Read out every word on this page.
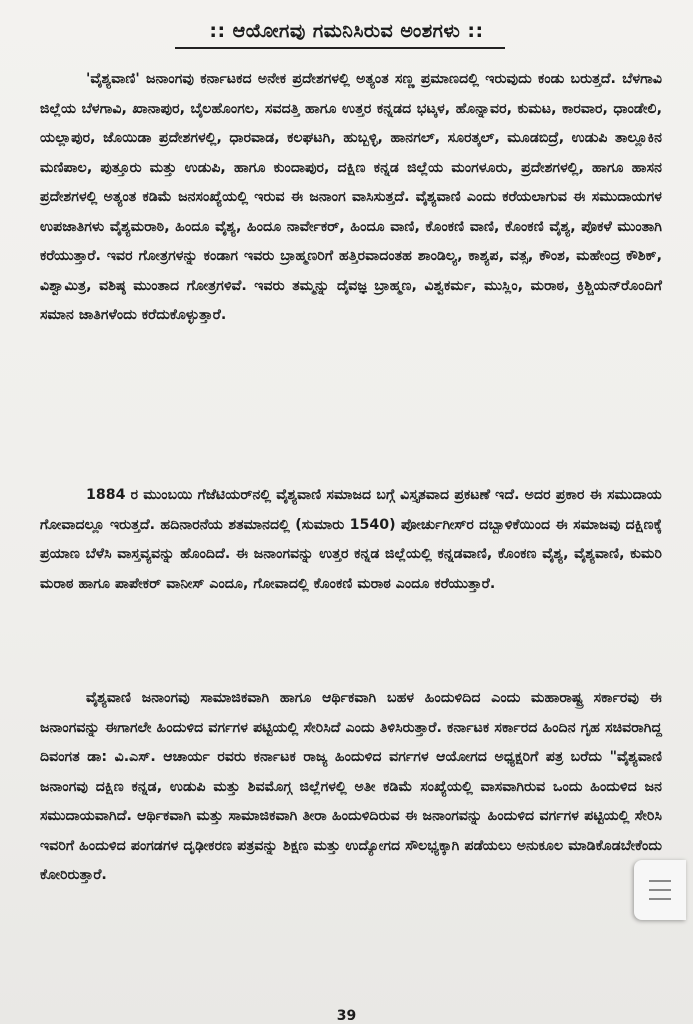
:: ಆಯೋಗವು ಗಮನಿಸಿರುವ ಅಂಶಗಳು ::
'ವೈಶ್ಯವಾಣಿ' ಜನಾಂಗವು ಕರ್ನಾಟಕದ ಅನೇಕ ಪ್ರದೇಶಗಳಲ್ಲಿ ಅತ್ಯಂತ ಸಣ್ಣ ಪ್ರಮಾಣದಲ್ಲಿ ಇರುವುದು ಕಂಡು ಬರುತ್ತದೆ. ಬೆಳಗಾವಿ ಜಿಲ್ಲೆಯ ಬೆಳಗಾವಿ, ಖಾನಾಪುರ, ಬೈಲಹೊಂಗಲ, ಸವದತ್ತಿ ಹಾಗೂ ಉತ್ತರ ಕನ್ನಡದ ಭಟ್ಕಳ, ಹೊನ್ನಾವರ, ಕುಮಟ, ಕಾರವಾರ, ಧಾಂಡೇಲಿ, ಯಲ್ಲಾಪುರ, ಜೊಯಿಡಾ ಪ್ರದೇಶಗಳಲ್ಲಿ, ಧಾರವಾಡ, ಕಲಘಟಗಿ, ಹುಬ್ಬಳ್ಳಿ, ಹಾನಗಲ್, ಸೂರತ್ಕಲ್, ಮೂಡಬಿದ್ರೆ, ಉಡುಪಿ ತಾಲ್ಲೂಕಿನ ಮಣಿಪಾಲ, ಪುತ್ತೂರು ಮತ್ತು ಉಡುಪಿ, ಹಾಗೂ ಕುಂದಾಪುರ, ದಕ್ಷಿಣ ಕನ್ನಡ ಜಿಲ್ಲೆಯ ಮಂಗಳೂರು, ಪ್ರದೇಶಗಳಲ್ಲಿ, ಹಾಗೂ ಹಾಸನ ಪ್ರದೇಶಗಳಲ್ಲಿ ಅತ್ಯಂತ ಕಡಿಮೆ ಜನಸಂಖ್ಯೆಯಲ್ಲಿ ಇರುವ ಈ ಜನಾಂಗ ವಾಸಿಸುತ್ತದೆ. ವೈಶ್ಯವಾಣಿ ಎಂದು ಕರೆಯಲಾಗುವ ಈ ಸಮುದಾಯಗಳ ಉಪಜಾತಿಗಳು ವೈಶ್ಯಮರಾಠಿ, ಹಿಂದೂ ವೈಶ್ಯ, ಹಿಂದೂ ನಾರ್ವೇಕರ್, ಹಿಂದೂ ವಾಣಿ, ಕೊಂಕಣಿ ವಾಣಿ, ಕೊಂಕಣಿ ವೈಶ್ಯ, ಪೊಕಳೆ ಮುಂತಾಗಿ ಕರೆಯುತ್ತಾರೆ. ಇವರ ಗೋತ್ರಗಳನ್ನು ಕಂಡಾಗ ಇವರು ಬ್ರಾಹ್ಮಣರಿಗೆ ಹತ್ತಿರವಾದಂತಹ ಶಾಂಡಿಲ್ಯ, ಕಾಶ್ಯಪ, ವತ್ಸ, ಕೌಂಶ, ಮಹೇಂದ್ರ ಕೌಶಿಕ್, ವಿಶ್ವಾಮಿತ್ರ, ವಶಿಷ್ಠ ಮುಂತಾದ ಗೋತ್ರಗಳಿವೆ. ಇವರು ತಮ್ಮನ್ನು ದೈವಜ್ಞ ಬ್ರಾಹ್ಮಣ, ವಿಶ್ವಕರ್ಮ, ಮುಸ್ಲಿಂ, ಮರಾಠ, ಕ್ರಿಶ್ಚಿಯನ್‌ರೊಂದಿಗೆ ಸಮಾನ ಜಾತಿಗಳೆಂದು ಕರೆದುಕೊಳ್ಳುತ್ತಾರೆ.
1884 ರ ಮುಂಬಯಿ ಗೆಜೆಟಿಯರ್‌ನಲ್ಲಿ ವೈಶ್ಯವಾಣಿ ಸಮಾಜದ ಬಗ್ಗೆ ವಿಸ್ತೃತವಾದ ಪ್ರಕಟಣೆ ಇದೆ. ಅದರ ಪ್ರಕಾರ ಈ ಸಮುದಾಯ ಗೋವಾದಲ್ಲೂ ಇರುತ್ತದೆ. ಹದಿನಾರನೆಯ ಶತಮಾನದಲ್ಲಿ (ಸುಮಾರು 1540) ಪೋರ್ಚುಗೀಸ್‌ರ ದಬ್ಬಾಳಿಕೆಯಿಂದ ಈ ಸಮಾಜವು ದಕ್ಷಿಣಕ್ಕೆ ಪ್ರಯಾಣ ಬೆಳೆಸಿ ವಾಸ್ತವ್ಯವನ್ನು ಹೊಂದಿದೆ. ಈ ಜನಾಂಗವನ್ನು ಉತ್ತರ ಕನ್ನಡ ಜಿಲ್ಲೆಯಲ್ಲಿ ಕನ್ನಡವಾಣಿ, ಕೊಂಕಣ ವೈಶ್ಯ, ವೈಶ್ಯವಾಣಿ, ಕುಮರಿ ಮರಾಠ ಹಾಗೂ ಪಾಪೇಕರ್ ವಾನೀಸ್ ಎಂದೂ, ಗೋವಾದಲ್ಲಿ ಕೊಂಕಣಿ ಮರಾಠ ಎಂದೂ ಕರೆಯುತ್ತಾರೆ.
ವೈಶ್ಯವಾಣಿ ಜನಾಂಗವು ಸಾಮಾಜಿಕವಾಗಿ ಹಾಗೂ ಆರ್ಥಿಕವಾಗಿ ಬಹಳ ಹಿಂದುಳಿದಿದ ಎಂದು ಮಹಾರಾಷ್ಟ್ರ ಸರ್ಕಾರವು ಈ ಜನಾಂಗವನ್ನು ಈಗಾಗಲೇ ಹಿಂದುಳಿದ ವರ್ಗಗಳ ಪಟ್ಟಿಯಲ್ಲಿ ಸೇರಿಸಿದೆ ಎಂದು ತಿಳಿಸಿರುತ್ತಾರೆ. ಕರ್ನಾಟಕ ಸರ್ಕಾರದ ಹಿಂದಿನ ಗೃಹ ಸಚಿವರಾಗಿದ್ದ ದಿವಂಗತ ಡಾ: ವಿ.ಎಸ್. ಆಚಾರ್ಯ ರವರು ಕರ್ನಾಟಕ ರಾಜ್ಯ ಹಿಂದುಳಿದ ವರ್ಗಗಳ ಆಯೋಗದ ಅಧ್ಯಕ್ಷರಿಗೆ ಪತ್ರ ಬರೆದು "ವೈಶ್ಯವಾಣಿ ಜನಾಂಗವು ದಕ್ಷಿಣ ಕನ್ನಡ, ಉಡುಪಿ ಮತ್ತು ಶಿವಮೊಗ್ಗ ಜಿಲ್ಲೆಗಳಲ್ಲಿ ಅತೀ ಕಡಿಮೆ ಸಂಖ್ಯೆಯಲ್ಲಿ ವಾಸವಾಗಿರುವ ಒಂದು ಹಿಂದುಳಿದ ಜನ ಸಮುದಾಯವಾಗಿದೆ. ಆರ್ಥಿಕವಾಗಿ ಮತ್ತು ಸಾಮಾಜಿಕವಾಗಿ ತೀರಾ ಹಿಂದುಳಿದಿರುವ ಈ ಜನಾಂಗವನ್ನು ಹಿಂದುಳಿದ ವರ್ಗಗಳ ಪಟ್ಟಿಯಲ್ಲಿ ಸೇರಿಸಿ ಇವರಿಗೆ ಹಿಂದುಳಿದ ಪಂಗಡಗಳ ದೃಢೀಕರಣ ಪತ್ರವನ್ನು ಶಿಕ್ಷಣ ಮತ್ತು ಉದ್ಯೋಗದ ಸೌಲಭ್ಯಕ್ಕಾಗಿ ಪಡೆಯಲು ಅನುಕೂಲ ಮಾಡಿಕೊಡಬೇಕೆಂದು ಕೋರಿರುತ್ತಾರೆ.
39
